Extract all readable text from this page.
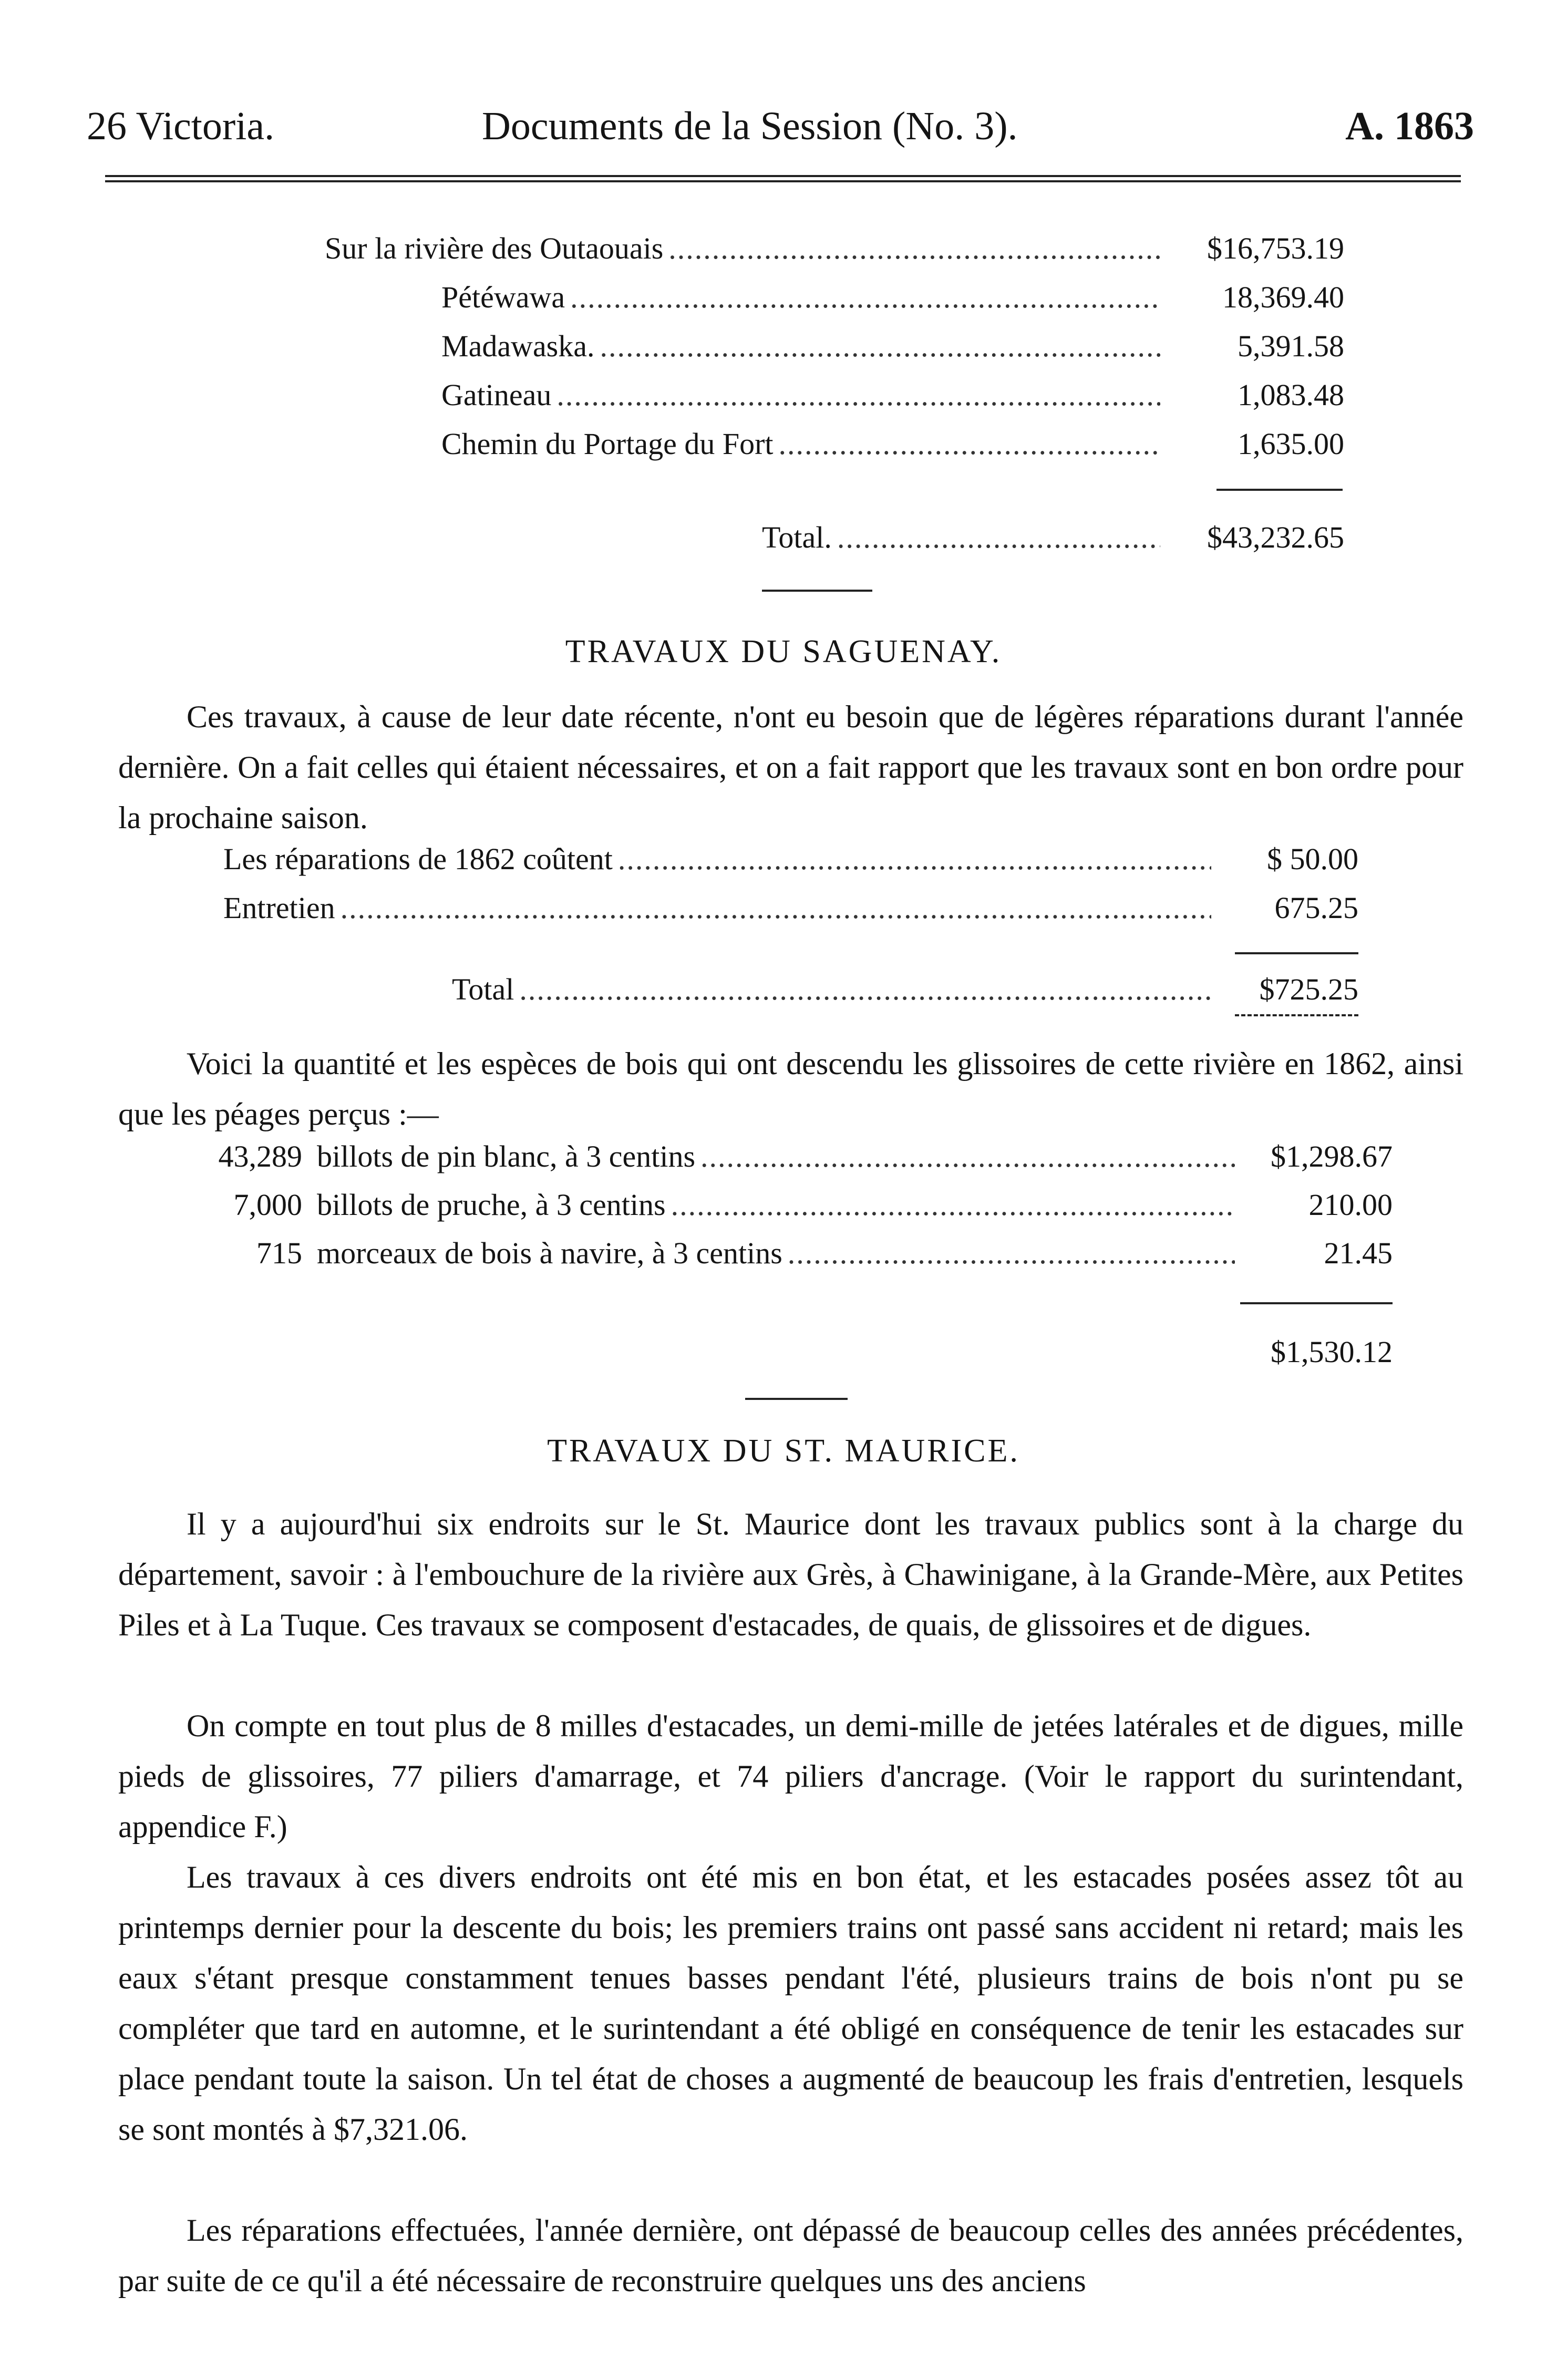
26 Victoria.	Documents de la Session (No. 3).	A. 1863
Sur la rivière des Outaouais .....	$16,753.19
Pétéwawa .....	18,369.40
Madawaska. .....	5,391.58
Gatineau .....	1,083.48
Chemin du Portage du Fort .....	1,635.00
Total. .....	$43,232.65
TRAVAUX DU SAGUENAY.

Ces travaux, à cause de leur date récente, n'ont eu besoin que de légères réparations durant l'année dernière. On a fait celles qui étaient nécessaires, et on a fait rapport que les travaux sont en bon ordre pour la prochaine saison.

Les réparations de 1862 coûtent .....	$ 50.00
Entretien .....	675.25
Total .....	$725.25

Voici la quantité et les espèces de bois qui ont descendu les glissoires de cette rivière en 1862, ainsi que les péages perçus :—

43,289 billots de pin blanc, à 3 centins .....	$1,298.67
7,000 billots de pruche, à 3 centins .....	210.00
715 morceaux de bois à navire, à 3 centins .....	21.45
$1,530.12
TRAVAUX DU ST. MAURICE.

Il y a aujourd'hui six endroits sur le St. Maurice dont les travaux publics sont à la charge du département, savoir : à l'embouchure de la rivière aux Grès, à Chawinigane, à la Grande-Mère, aux Petites Piles et à La Tuque. Ces travaux se composent d'estacades, de quais, de glissoires et de digues.

On compte en tout plus de 8 milles d'estacades, un demi-mille de jetées latérales et de digues, mille pieds de glissoires, 77 piliers d'amarrage, et 74 piliers d'ancrage. (Voir le rapport du surintendant, appendice F.)

Les travaux à ces divers endroits ont été mis en bon état, et les estacades posées assez tôt au printemps dernier pour la descente du bois; les premiers trains ont passé sans accident ni retard; mais les eaux s'étant presque constamment tenues basses pendant l'été, plusieurs trains de bois n'ont pu se compléter que tard en automne, et le surintendant a été obligé en conséquence de tenir les estacades sur place pendant toute la saison. Un tel état de choses a augmenté de beaucoup les frais d'entretien, lesquels se sont montés à $7,321.06.

Les réparations effectuées, l'année dernière, ont dépassé de beaucoup celles des années précédentes, par suite de ce qu'il a été nécessaire de reconstruire quelques uns des anciens
